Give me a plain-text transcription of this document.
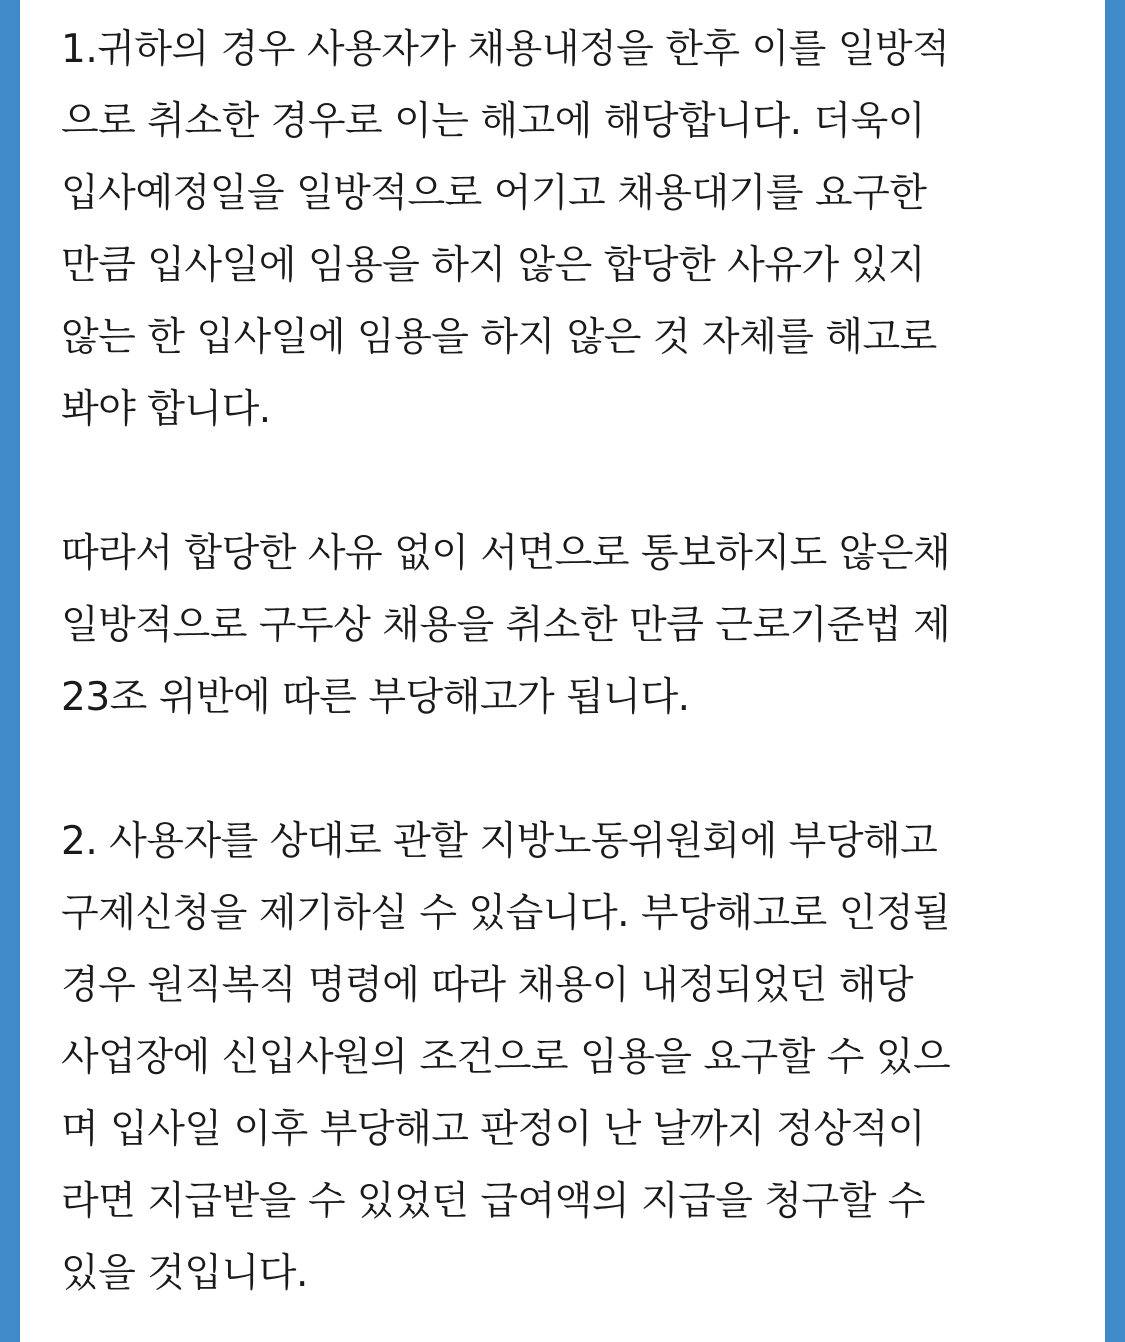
1.귀하의 경우 사용자가 채용내정을 한후 이를 일방적
으로 취소한 경우로 이는 해고에 해당합니다. 더욱이
입사예정일을 일방적으로 어기고 채용대기를 요구한
만큼 입사일에 임용을 하지 않은 합당한 사유가 있지
않는 한 입사일에 임용을 하지 않은 것 자체를 해고로
봐야 합니다.

따라서 합당한 사유 없이 서면으로 통보하지도 않은채
일방적으로 구두상 채용을 취소한 만큼 근로기준법 제
23조 위반에 따른 부당해고가 됩니다.

2. 사용자를 상대로 관할 지방노동위원회에 부당해고
구제신청을 제기하실 수 있습니다. 부당해고로 인정될
경우 원직복직 명령에 따라 채용이 내정되었던 해당
사업장에 신입사원의 조건으로 임용을 요구할 수 있으
며 입사일 이후 부당해고 판정이 난 날까지 정상적이
라면 지급받을 수 있었던 급여액의 지급을 청구할 수
있을 것입니다.
